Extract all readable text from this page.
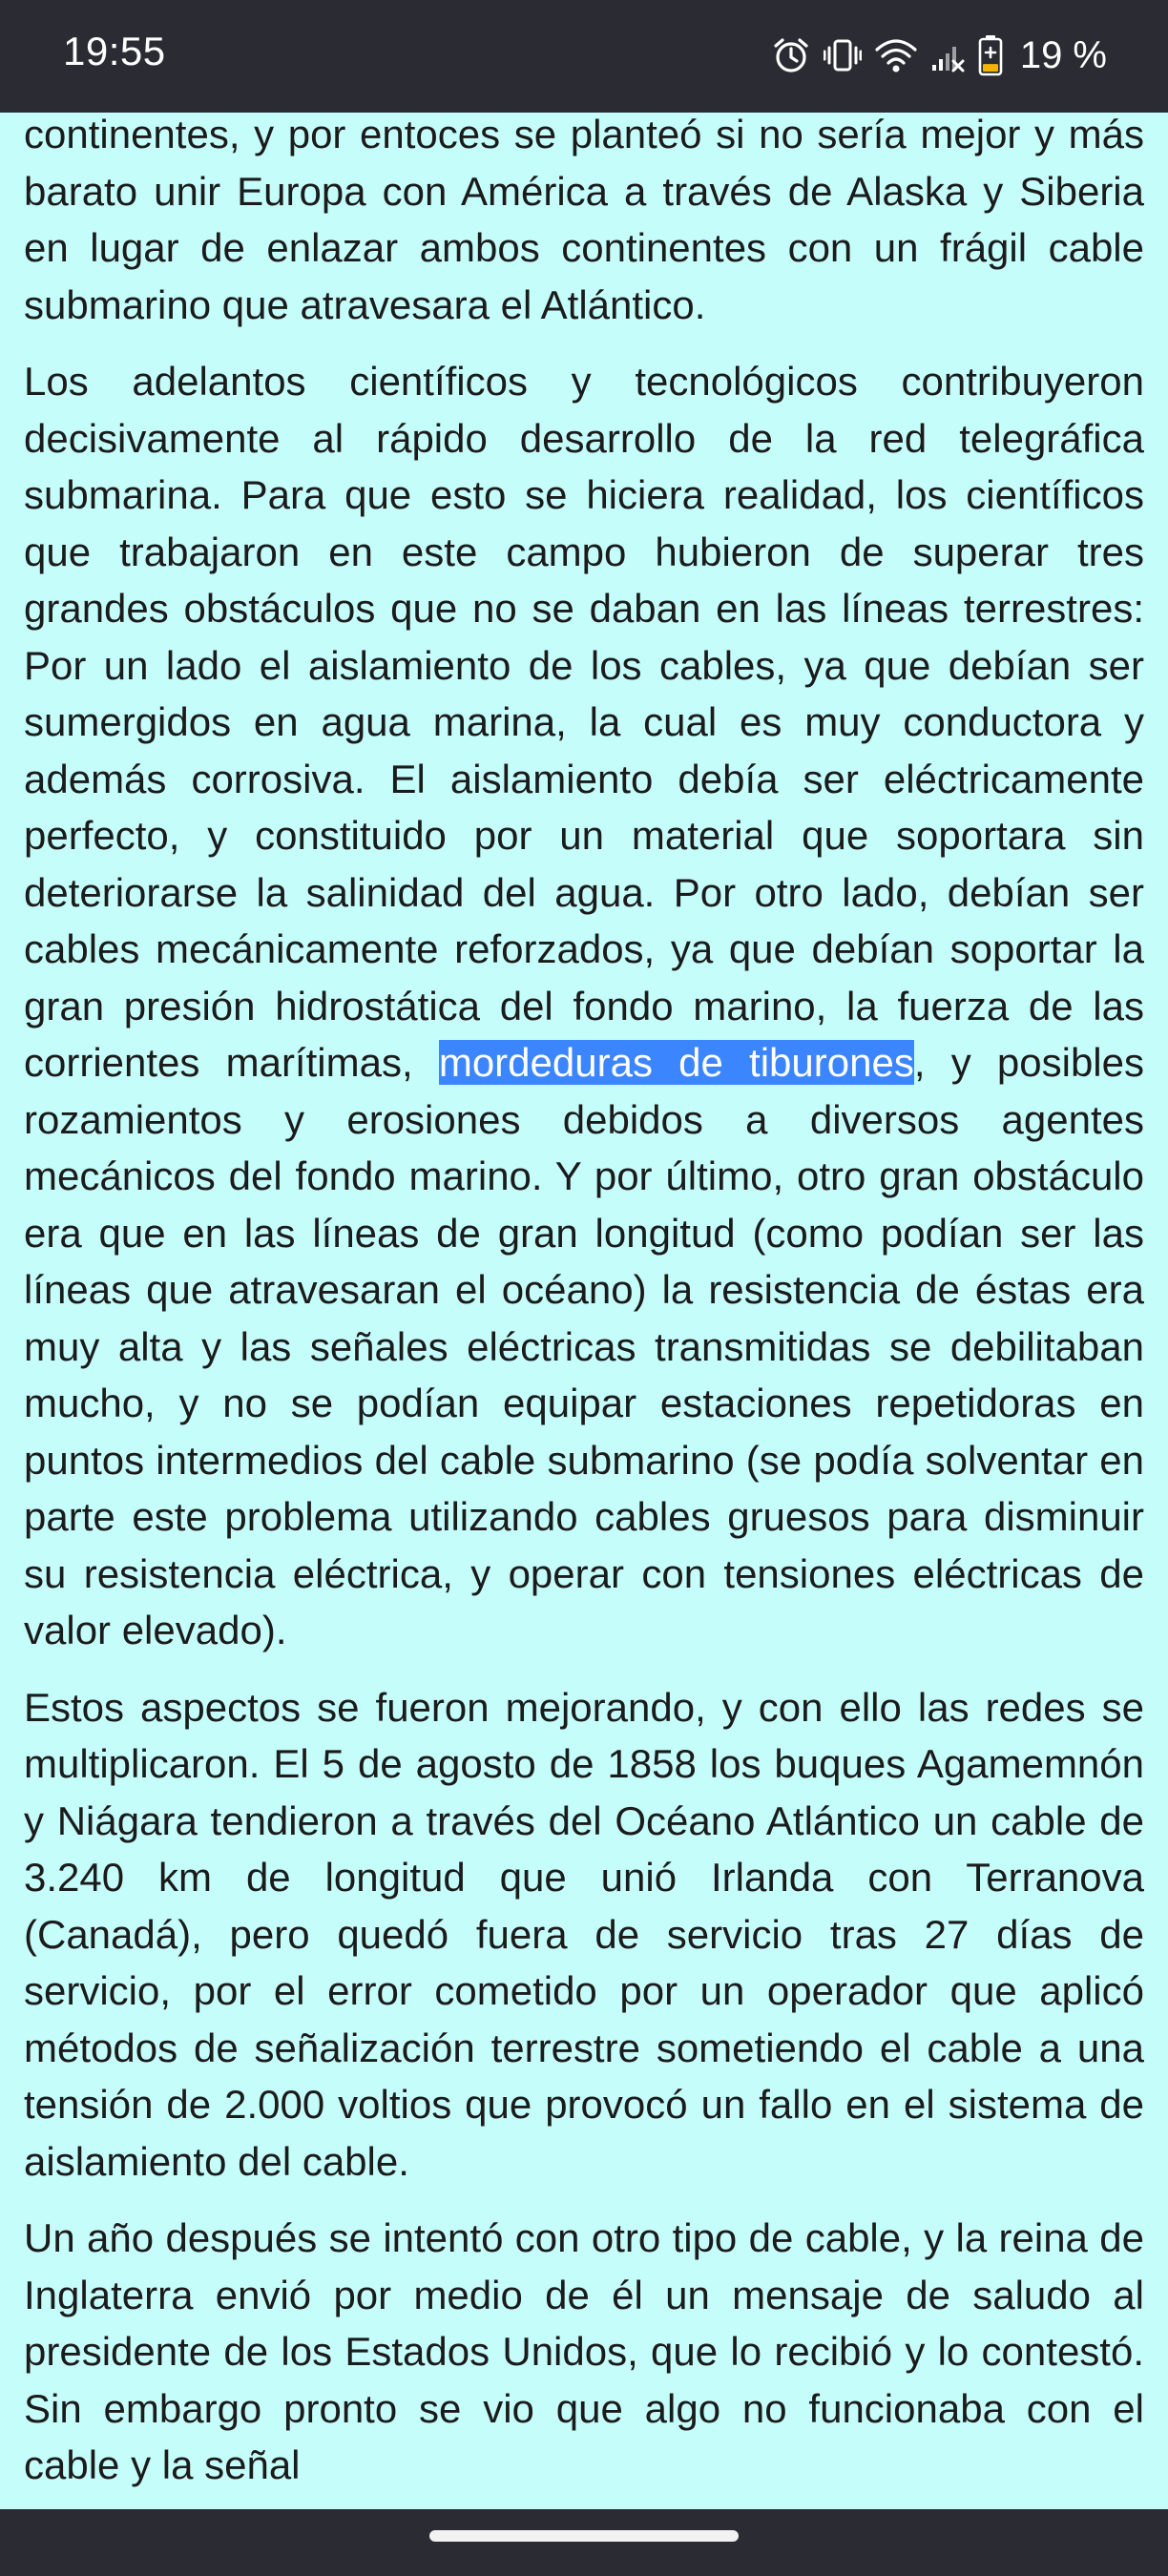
19:55	19 %

continentes, y por entoces se planteó si no sería mejor y más barato unir Europa con América a través de Alaska y Siberia en lugar de enlazar ambos continentes con un frágil cable submarino que atravesara el Atlántico.

Los adelantos científicos y tecnológicos contribuyeron decisivamente al rápido desarrollo de la red telegráfica submarina. Para que esto se hiciera realidad, los científicos que trabajaron en este campo hubieron de superar tres grandes obstáculos que no se daban en las líneas terrestres: Por un lado el aislamiento de los cables, ya que debían ser sumergidos en agua marina, la cual es muy conductora y además corrosiva. El aislamiento debía ser eléctricamente perfecto, y constituido por un material que soportara sin deteriorarse la salinidad del agua. Por otro lado, debían ser cables mecánicamente reforzados, ya que debían soportar la gran presión hidrostática del fondo marino, la fuerza de las corrientes marítimas, mordeduras de tiburones, y posibles rozamientos y erosiones debidos a diversos agentes mecánicos del fondo marino. Y por último, otro gran obstáculo era que en las líneas de gran longitud (como podían ser las líneas que atravesaran el océano) la resistencia de éstas era muy alta y las señales eléctricas transmitidas se debilitaban mucho, y no se podían equipar estaciones repetidoras en puntos intermedios del cable submarino (se podía solventar en parte este problema utilizando cables gruesos para disminuir su resistencia eléctrica, y operar con tensiones eléctricas de valor elevado).

Estos aspectos se fueron mejorando, y con ello las redes se multiplicaron. El 5 de agosto de 1858 los buques Agamemnón y Niágara tendieron a través del Océano Atlántico un cable de 3.240 km de longitud que unió Irlanda con Terranova (Canadá), pero quedó fuera de servicio tras 27 días de servicio, por el error cometido por un operador que aplicó métodos de señalización terrestre sometiendo el cable a una tensión de 2.000 voltios que provocó un fallo en el sistema de aislamiento del cable.

Un año después se intentó con otro tipo de cable, y la reina de Inglaterra envió por medio de él un mensaje de saludo al presidente de los Estados Unidos, que lo recibió y lo contestó. Sin embargo pronto se vio que algo no funcionaba con el cable y la señal
